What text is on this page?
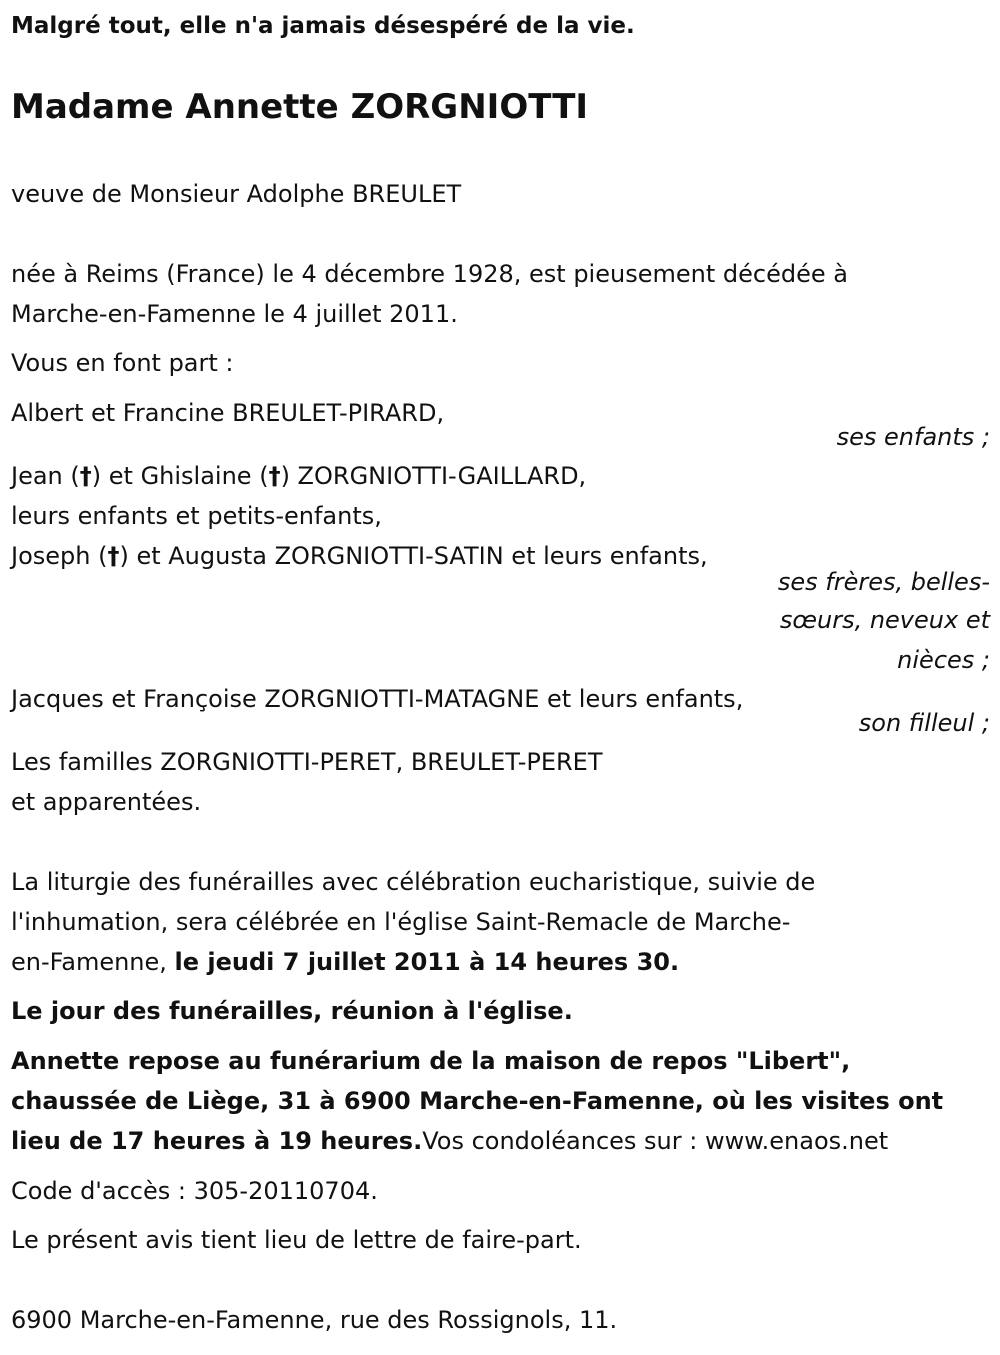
Malgré tout, elle n'a jamais désespéré de la vie.
Madame Annette ZORGNIOTTI
veuve de Monsieur Adolphe BREULET
née à Reims (France) le 4 décembre 1928, est pieusement décédée à
Marche-en-Famenne le 4 juillet 2011.
Vous en font part :
Albert et Francine BREULET-PIRARD,
ses enfants ;
Jean (†) et Ghislaine (†) ZORGNIOTTI-GAILLARD,
leurs enfants et petits-enfants,
Joseph (†) et Augusta ZORGNIOTTI-SATIN et leurs enfants,
ses frères, belles-
sœurs, neveux et
nièces ;
Jacques et Françoise ZORGNIOTTI-MATAGNE et leurs enfants,
son filleul ;
Les familles ZORGNIOTTI-PERET, BREULET-PERET
et apparentées.
La liturgie des funérailles avec célébration eucharistique, suivie de
l'inhumation, sera célébrée en l'église Saint-Remacle de Marche-
en-Famenne, le jeudi 7 juillet 2011 à 14 heures 30.
Le jour des funérailles, réunion à l'église.
Annette repose au funérarium de la maison de repos "Libert",
chaussée de Liège, 31 à 6900 Marche-en-Famenne, où les visites ont
lieu de 17 heures à 19 heures.Vos condoléances sur : www.enaos.net
Code d'accès : 305-20110704.
Le présent avis tient lieu de lettre de faire-part.
6900 Marche-en-Famenne, rue des Rossignols, 11.
